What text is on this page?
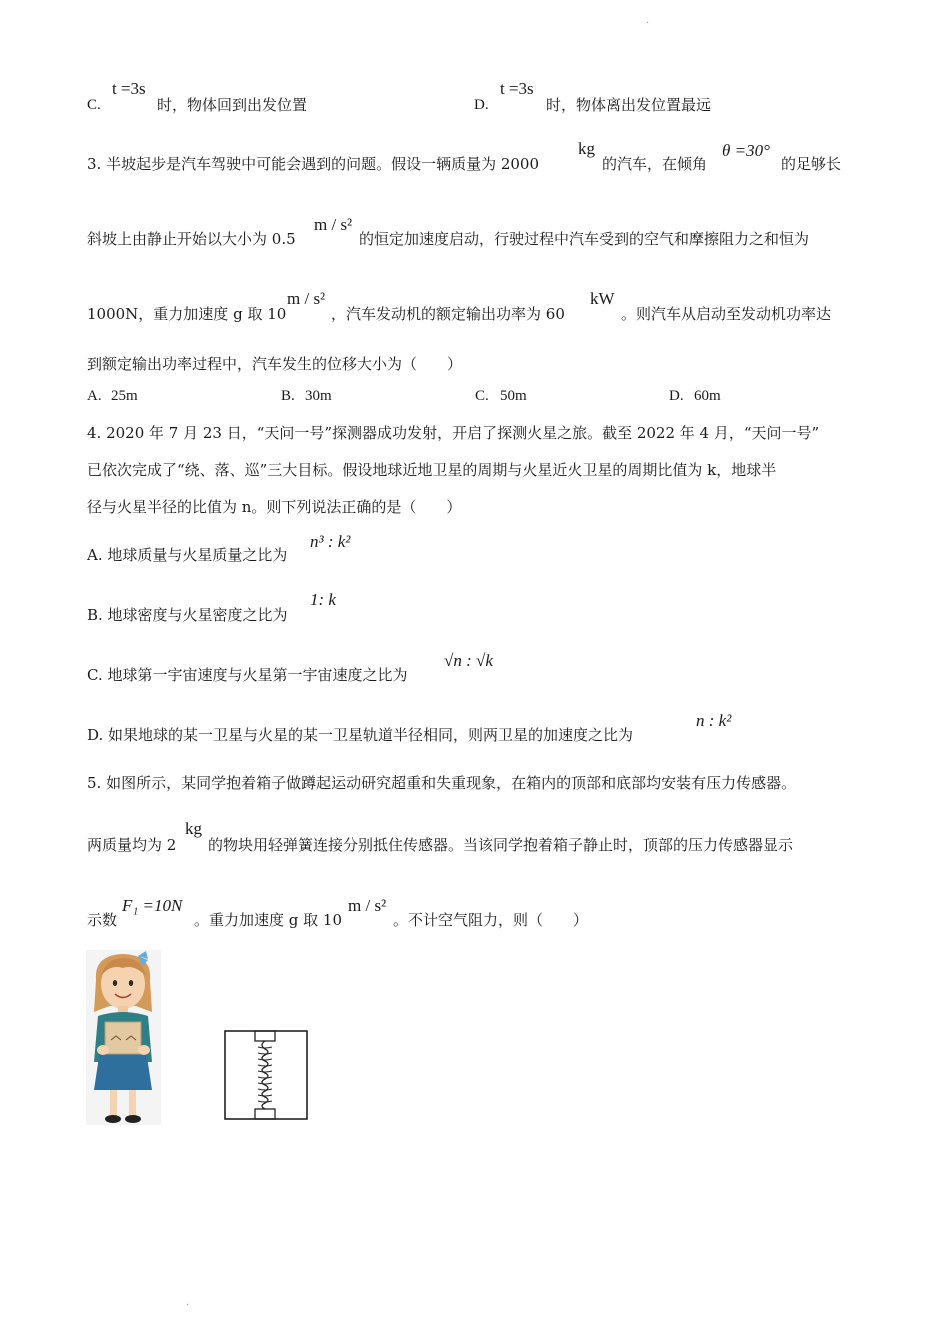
·
·
C.
t =3s
时，物体回到出发位置	D.
t =3s
时，物体离出发位置最远
3. 半坡起步是汽车驾驶中可能会遇到的问题。假设一辆质量为 2000
kg
的汽车，在倾角
θ =30°
的足够长
斜坡上由静止开始以大小为 0.5
m / s²
的恒定加速度启动，行驶过程中汽车受到的空气和摩擦阻力之和恒为
1000N，重力加速度 g 取 10
m / s²
，汽车发动机的额定输出功率为 60
kW
。则汽车从启动至发动机功率达
到额定输出功率过程中，汽车发生的位移大小为（　　）
A. 25m	B. 30m	C. 50m	D. 60m
4. 2020 年 7 月 23 日，“天问一号”探测器成功发射，开启了探测火星之旅。截至 2022 年 4 月，“天问一号”
已依次完成了“绕、落、巡”三大目标。假设地球近地卫星的周期与火星近火卫星的周期比值为 k，地球半
径与火星半径的比值为 n。则下列说法正确的是（　　）
A. 地球质量与火星质量之比为
n³ : k²
B. 地球密度与火星密度之比为
1: k
C. 地球第一宇宙速度与火星第一宇宙速度之比为
√n : √k
D. 如果地球的某一卫星与火星的某一卫星轨道半径相同，则两卫星的加速度之比为
n : k²
5. 如图所示，某同学抱着箱子做蹲起运动研究超重和失重现象，在箱内的顶部和底部均安装有压力传感器。
两质量均为 2
kg
的物块用轻弹簧连接分别抵住传感器。当该同学抱着箱子静止时，顶部的压力传感器显示
示数
F₁ =10N
。重力加速度 g 取 10
m / s²
。不计空气阻力，则（　　）
